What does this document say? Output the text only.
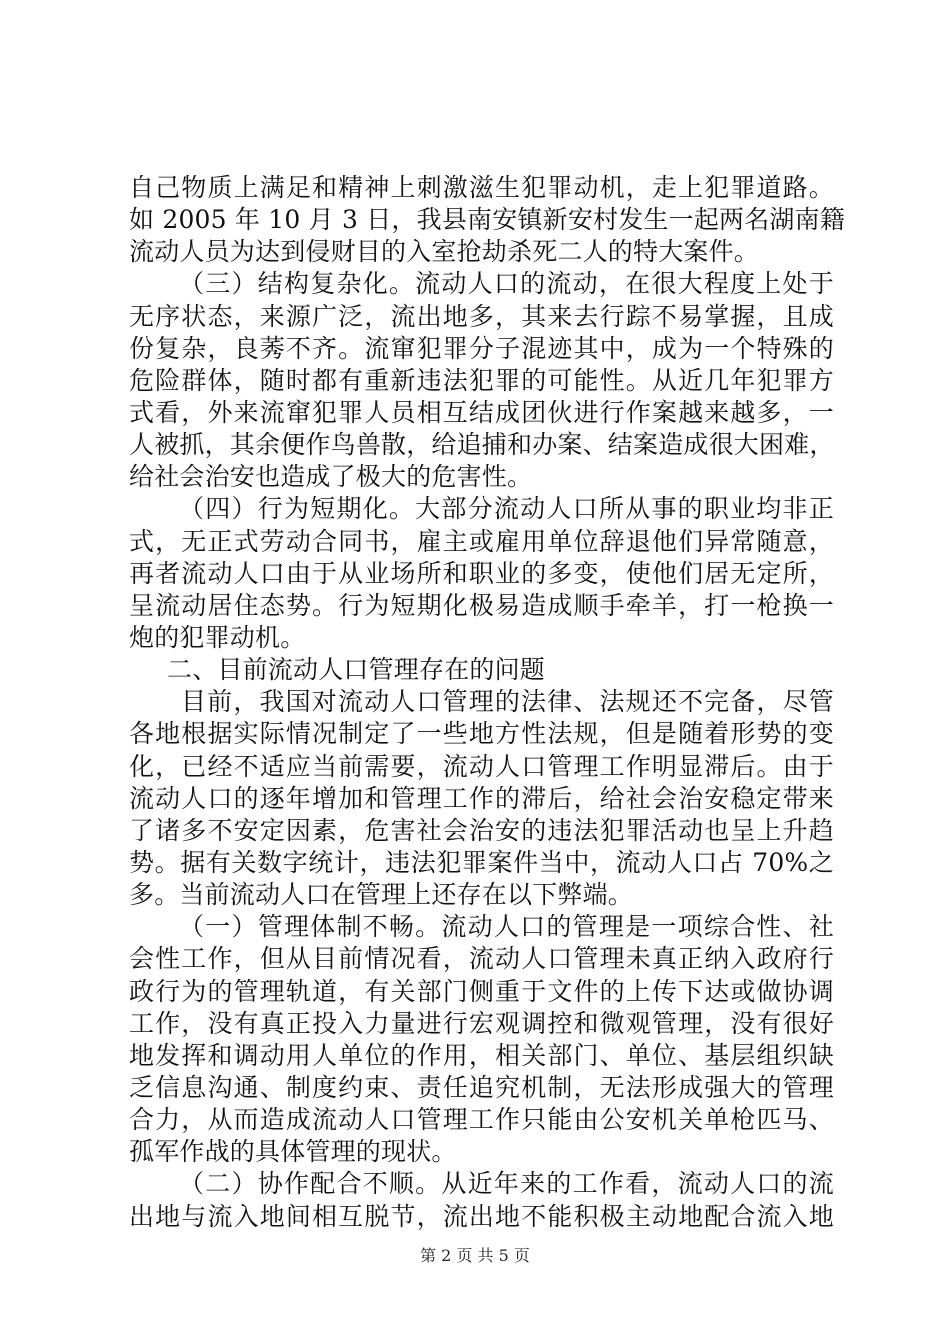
自己物质上满足和精神上刺激滋生犯罪动机，走上犯罪道路。
如 2005 年 10 月 3 日，我县南安镇新安村发生一起两名湖南籍
流动人员为达到侵财目的入室抢劫杀死二人的特大案件。
（三）结构复杂化。流动人口的流动，在很大程度上处于
无序状态，来源广泛，流出地多，其来去行踪不易掌握，且成
份复杂，良莠不齐。流窜犯罪分子混迹其中，成为一个特殊的
危险群体，随时都有重新违法犯罪的可能性。从近几年犯罪方
式看，外来流窜犯罪人员相互结成团伙进行作案越来越多，一
人被抓，其余便作鸟兽散，给追捕和办案、结案造成很大困难，
给社会治安也造成了极大的危害性。
（四）行为短期化。大部分流动人口所从事的职业均非正
式，无正式劳动合同书，雇主或雇用单位辞退他们异常随意，
再者流动人口由于从业场所和职业的多变，使他们居无定所，
呈流动居住态势。行为短期化极易造成顺手牵羊，打一枪换一
炮的犯罪动机。
二、目前流动人口管理存在的问题
目前，我国对流动人口管理的法律、法规还不完备，尽管
各地根据实际情况制定了一些地方性法规，但是随着形势的变
化，已经不适应当前需要，流动人口管理工作明显滞后。由于
流动人口的逐年增加和管理工作的滞后，给社会治安稳定带来
了诸多不安定因素，危害社会治安的违法犯罪活动也呈上升趋
势。据有关数字统计，违法犯罪案件当中，流动人口占 70%之
多。当前流动人口在管理上还存在以下弊端。
（一）管理体制不畅。流动人口的管理是一项综合性、社
会性工作，但从目前情况看，流动人口管理未真正纳入政府行
政行为的管理轨道，有关部门侧重于文件的上传下达或做协调
工作，没有真正投入力量进行宏观调控和微观管理，没有很好
地发挥和调动用人单位的作用，相关部门、单位、基层组织缺
乏信息沟通、制度约束、责任追究机制，无法形成强大的管理
合力，从而造成流动人口管理工作只能由公安机关单枪匹马、
孤军作战的具体管理的现状。
（二）协作配合不顺。从近年来的工作看，流动人口的流
出地与流入地间相互脱节，流出地不能积极主动地配合流入地
第 2 页 共 5 页
